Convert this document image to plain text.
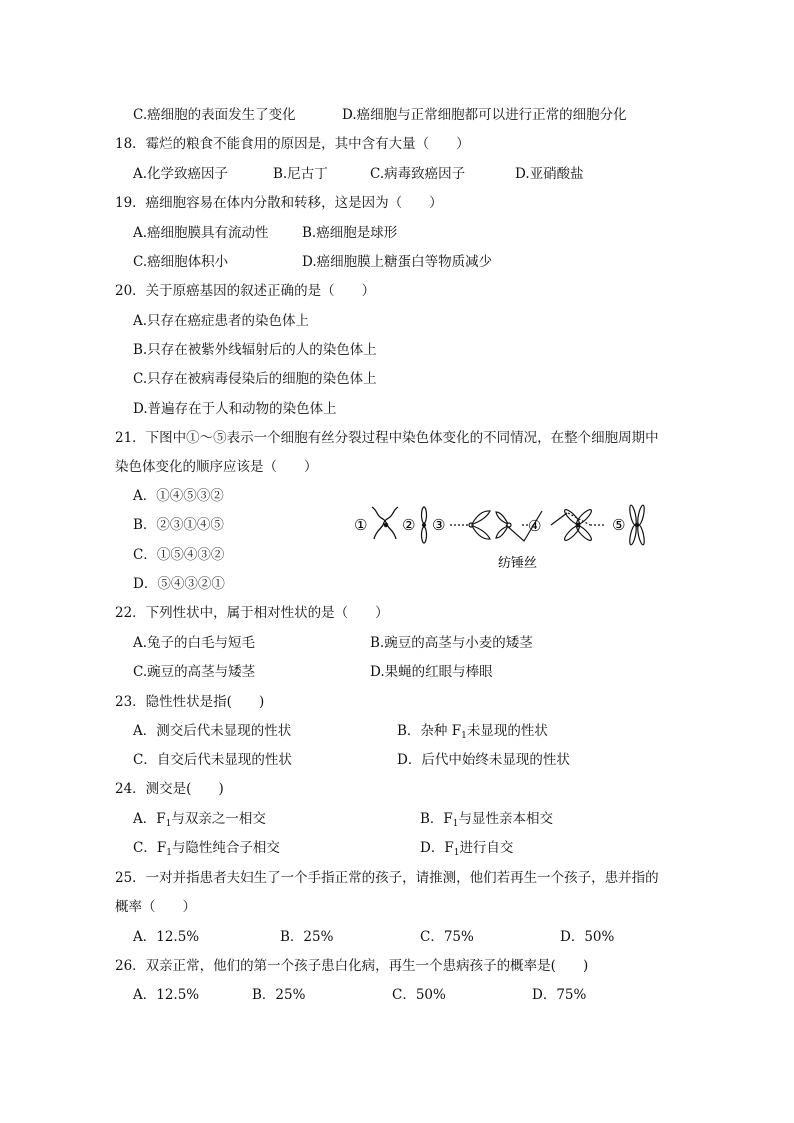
C.癌细胞的表面发生了变化	D.癌细胞与正常细胞都可以进行正常的细胞分化
18．霉烂的粮食不能食用的原因是，其中含有大量（　　）
A.化学致癌因子	B.尼古丁	C.病毒致癌因子	D.亚硝酸盐
19．癌细胞容易在体内分散和转移，这是因为（　　）
A.癌细胞膜具有流动性 B.癌细胞是球形
C.癌细胞体积小	D.癌细胞膜上糖蛋白等物质减少
20．关于原癌基因的叙述正确的是（　　）
A.只存在癌症患者的染色体上
B.只存在被紫外线辐射后的人的染色体上
C.只存在被病毒侵染后的细胞的染色体上
D.普遍存在于人和动物的染色体上
21．下图中①～⑤表示一个细胞有丝分裂过程中染色体变化的不同情况，在整个细胞周期中
染色体变化的顺序应该是（　　）
A．①④⑤③②
B．②③①④⑤
C．①⑤④③②
D．⑤④③②①
① ② ③	④	⑤
纺锤丝
22．下列性状中，属于相对性状的是（　　）
A.兔子的白毛与短毛	B.豌豆的高茎与小麦的矮茎
C.豌豆的高茎与矮茎	D.果蝇的红眼与棒眼
23．隐性性状是指(　　)
A．测交后代未显现的性状	B．杂种 $F_1$未显现的性状
C．自交后代未显现的性状	D．后代中始终未显现的性状
24．测交是(　　)
A．$F_1$与双亲之一相交	B．$F_1$与显性亲本相交
C．$F_1$与隐性纯合子相交	D．$F_1$进行自交
25．一对并指患者夫妇生了一个手指正常的孩子，请推测，他们若再生一个孩子，患并指的
概率（　　）
A．12.5%	B．25%	C．75%	D．50%
26．双亲正常，他们的第一个孩子患白化病，再生一个患病孩子的概率是(　　)
A．12.5%	B．25%	C．50%	D．75%
